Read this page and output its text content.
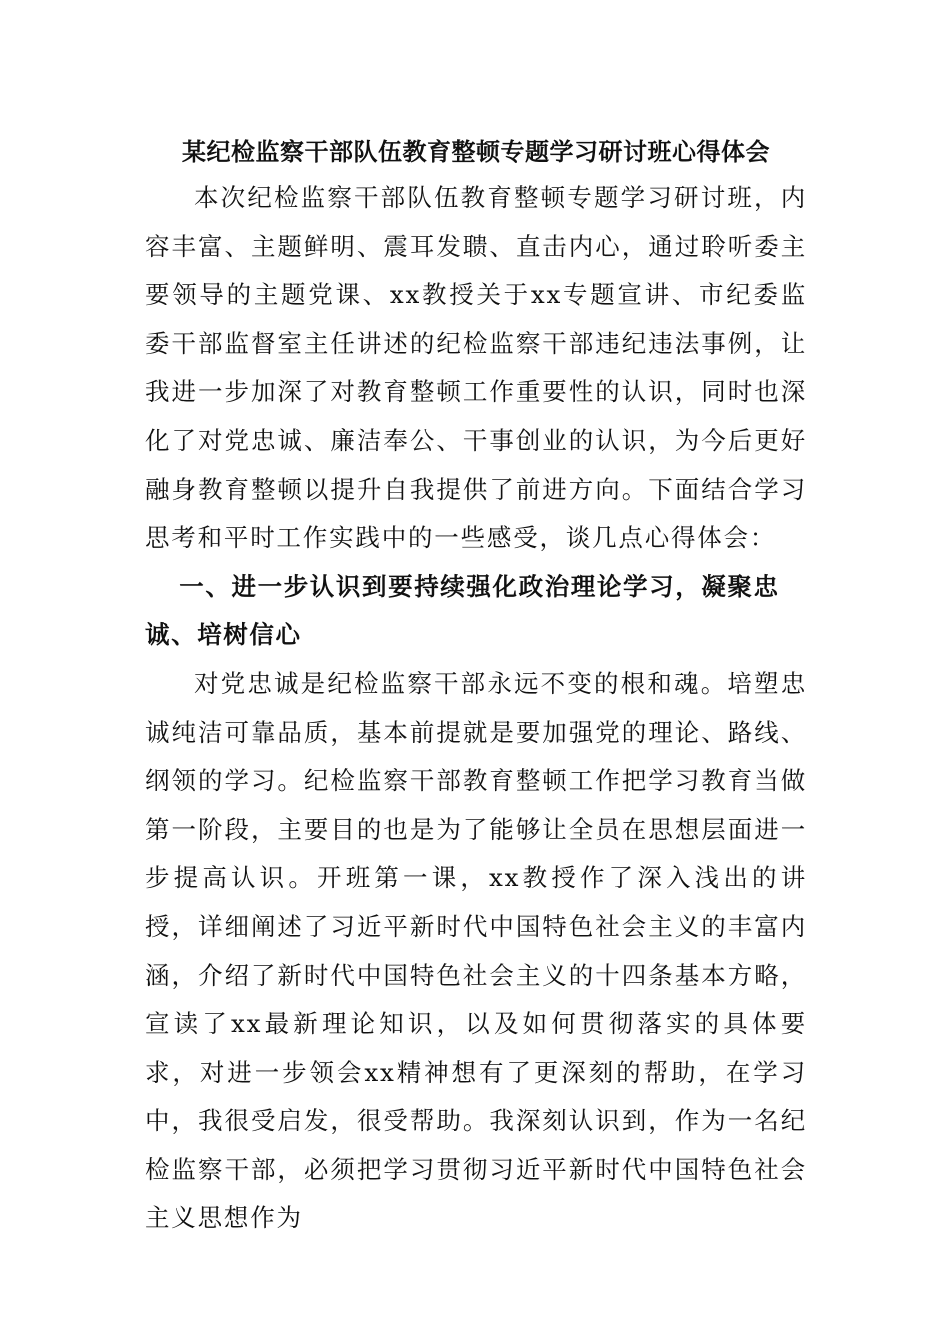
某纪检监察干部队伍教育整顿专题学习研讨班心得体会

本次纪检监察干部队伍教育整顿专题学习研讨班，内容丰富、主题鲜明、震耳发聩、直击内心，通过聆听委主要领导的主题党课、xx教授关于xx专题宣讲、市纪委监委干部监督室主任讲述的纪检监察干部违纪违法事例，让我进一步加深了对教育整顿工作重要性的认识，同时也深化了对党忠诚、廉洁奉公、干事创业的认识，为今后更好融身教育整顿以提升自我提供了前进方向。下面结合学习思考和平时工作实践中的一些感受，谈几点心得体会：

一、进一步认识到要持续强化政治理论学习，凝聚忠诚、培树信心

对党忠诚是纪检监察干部永远不变的根和魂。培塑忠诚纯洁可靠品质，基本前提就是要加强党的理论、路线、纲领的学习。纪检监察干部教育整顿工作把学习教育当做第一阶段，主要目的也是为了能够让全员在思想层面进一步提高认识。开班第一课，xx教授作了深入浅出的讲授，详细阐述了习近平新时代中国特色社会主义的丰富内涵，介绍了新时代中国特色社会主义的十四条基本方略，宣读了xx最新理论知识，以及如何贯彻落实的具体要求，对进一步领会xx精神想有了更深刻的帮助，在学习中，我很受启发，很受帮助。我深刻认识到，作为一名纪检监察干部，必须把学习贯彻习近平新时代中国特色社会主义思想作为
